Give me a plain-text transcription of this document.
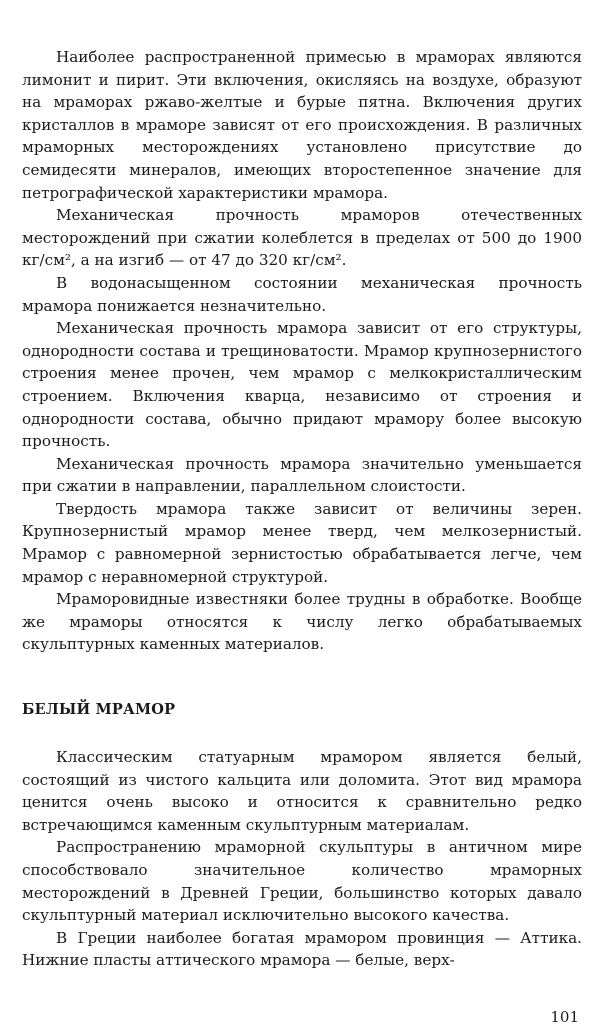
Наиболее распространенной примесью в мраморах являются лимонит и пирит. Эти включения, окисляясь на воздухе, образуют на мраморах ржаво-желтые и бурые пятна. Включения других кристаллов в мраморе зависят от его происхождения. В различных мраморных месторождениях установлено присутствие до семидесяти минералов, имеющих второстепенное значение для петрографической характеристики мрамора.

Механическая прочность мраморов отечественных месторождений при сжатии колеблется в пределах от 500 до 1900 кг/см², а на изгиб — от 47 до 320 кг/см².

В водонасыщенном состоянии механическая прочность мрамора понижается незначительно.

Механическая прочность мрамора зависит от его структуры, однородности состава и трещиноватости. Мрамор крупнозернистого строения менее прочен, чем мрамор с мелкокристаллическим строением. Включения кварца, независимо от строения и однородности состава, обычно придают мрамору более высокую прочность.

Механическая прочность мрамора значительно уменьшается при сжатии в направлении, параллельном слоистости.

Твердость мрамора также зависит от величины зерен. Крупнозернистый мрамор менее тверд, чем мелкозернистый. Мрамор с равномерной зернистостью обрабатывается легче, чем мрамор с неравномерной структурой.

Мраморовидные известняки более трудны в обработке. Вообще же мраморы относятся к числу легко обрабатываемых скульптурных каменных материалов.

БЕЛЫЙ МРАМОР

Классическим статуарным мрамором является белый, состоящий из чистого кальцита или доломита. Этот вид мрамора ценится очень высоко и относится к сравнительно редко встречающимся каменным скульптурным материалам.

Распространению мраморной скульптуры в античном мире способствовало значительное количество мраморных месторождений в Древней Греции, большинство которых давало скульптурный материал исключительно высокого качества.

В Греции наиболее богатая мрамором провинция — Аттика. Нижние пласты аттического мрамора — белые, верх-

101
